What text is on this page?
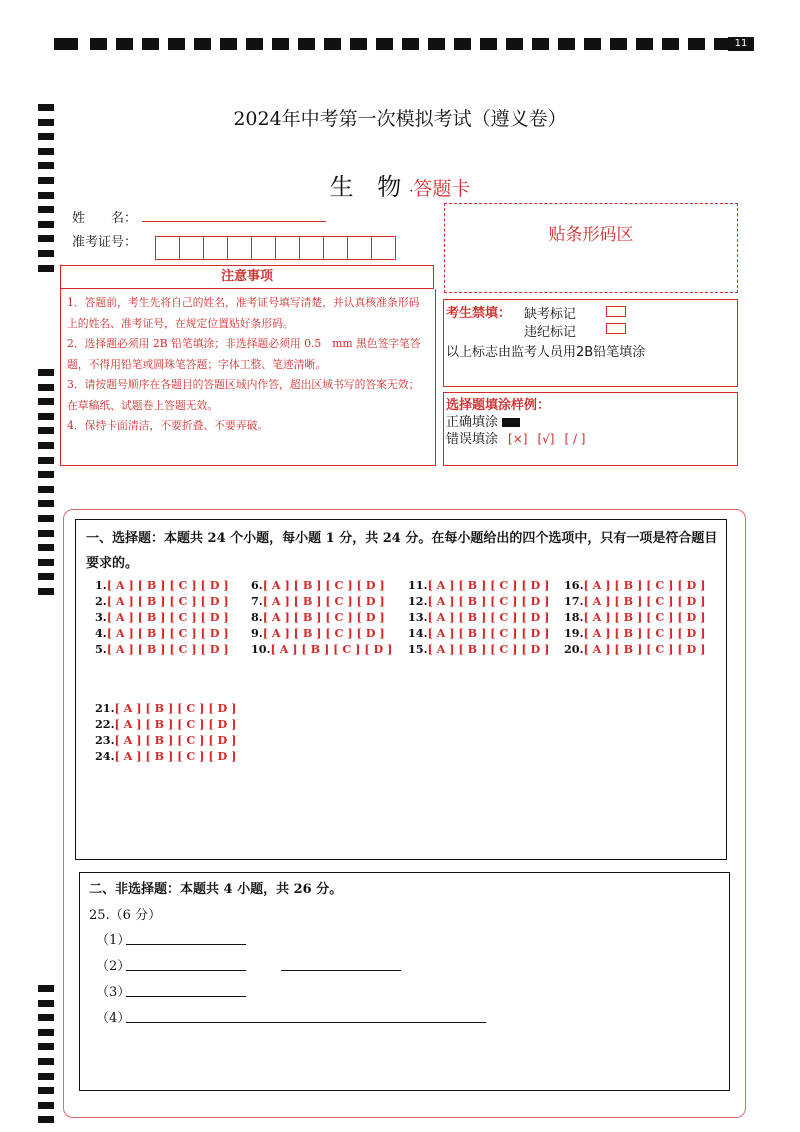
11
2024年中考第一次模拟考试（遵义卷）
生 物·答题卡
姓　　名：
准考证号：	贴条形码区
注意事项
1．答题前，考生先将自己的姓名，准考证号填写清楚，并认真核准条形码上的姓名、准考证号，在规定位置贴好条形码。
2．选择题必须用 2B 铅笔填涂；非选择题必须用 0.5　mm 黑色签字笔答题，不得用铅笔或圆珠笔答题；字体工整、笔迹清晰。
3．请按题号顺序在各题目的答题区域内作答，超出区域书写的答案无效；在草稿纸、试题卷上答题无效。
4．保持卡面清洁，不要折叠、不要弄破。
考生禁填： 缺考标记
违纪标记
以上标志由监考人员用2B铅笔填涂
选择题填涂样例：
正确填涂
错误填涂 [×] [√] [ / ]
一、选择题：本题共 24 个小题，每小题 1 分，共 24 分。在每小题给出的四个选项中，只有一项是符合题目要求的。
1.[ A ] [ B ] [ C ] [ D ]
2.[ A ] [ B ] [ C ] [ D ]
3.[ A ] [ B ] [ C ] [ D ]
4.[ A ] [ B ] [ C ] [ D ]
5.[ A ] [ B ] [ C ] [ D ]
6.[ A ] [ B ] [ C ] [ D ]
7.[ A ] [ B ] [ C ] [ D ]
8.[ A ] [ B ] [ C ] [ D ]
9.[ A ] [ B ] [ C ] [ D ]
10.[ A ] [ B ] [ C ] [ D ]
11.[ A ] [ B ] [ C ] [ D ]
12.[ A ] [ B ] [ C ] [ D ]
13.[ A ] [ B ] [ C ] [ D ]
14.[ A ] [ B ] [ C ] [ D ]
15.[ A ] [ B ] [ C ] [ D ]
16.[ A ] [ B ] [ C ] [ D ]
17.[ A ] [ B ] [ C ] [ D ]
18.[ A ] [ B ] [ C ] [ D ]
19.[ A ] [ B ] [ C ] [ D ]
20.[ A ] [ B ] [ C ] [ D ]
21.[ A ] [ B ] [ C ] [ D ]
22.[ A ] [ B ] [ C ] [ D ]
23.[ A ] [ B ] [ C ] [ D ]
24.[ A ] [ B ] [ C ] [ D ]
二、非选择题：本题共 4 小题，共 26 分。
25.（6 分）
（1）
（2）
（3）
（4）
